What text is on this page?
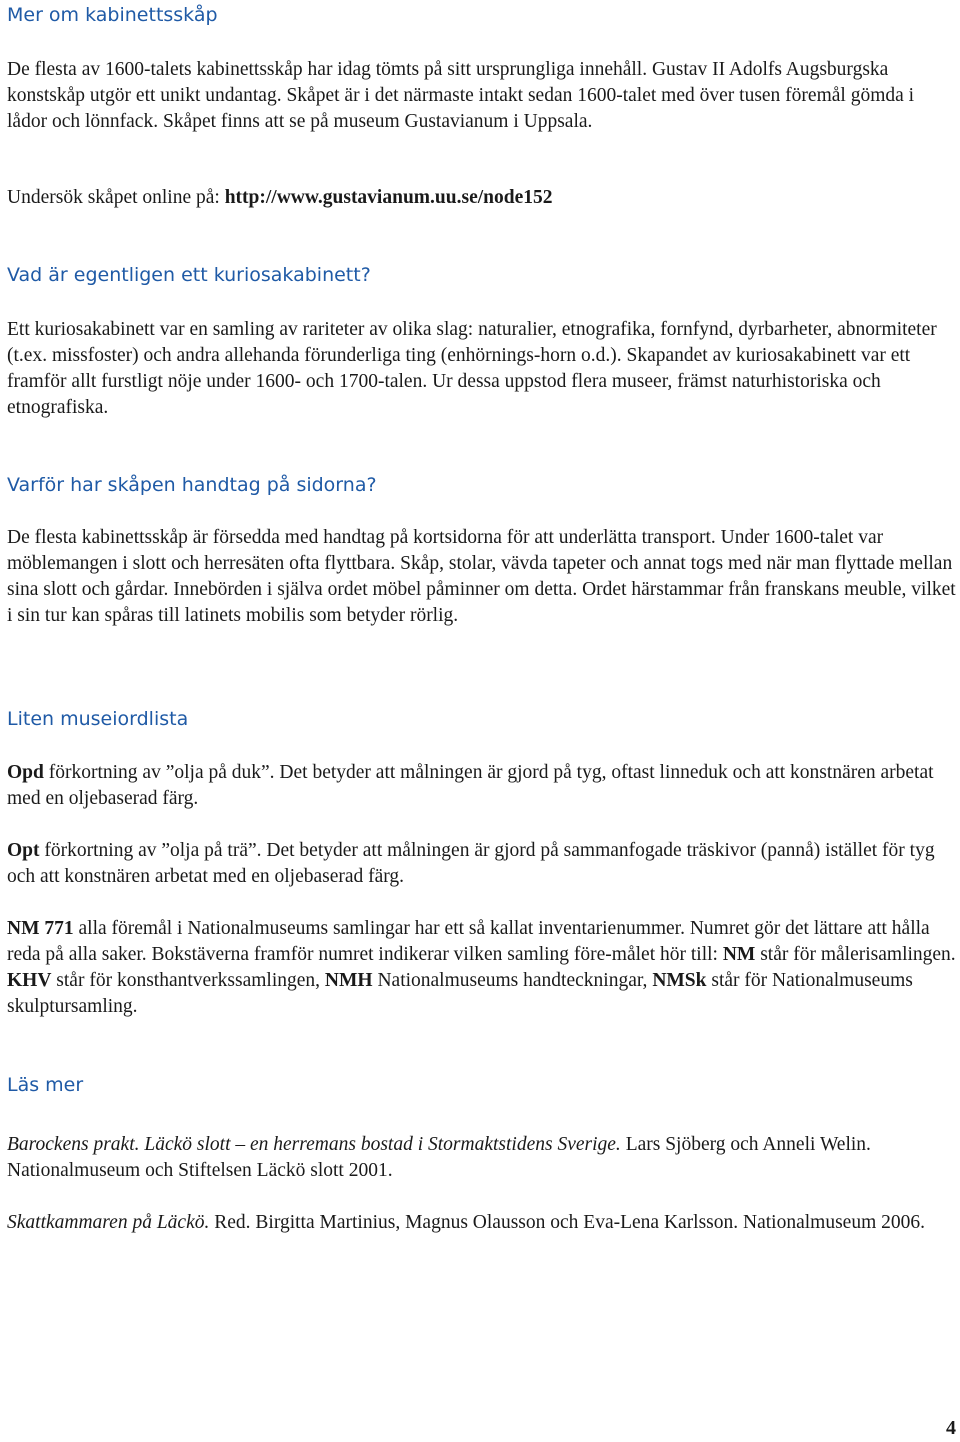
Mer om kabinettsskåp

De flesta av 1600-talets kabinettsskåp har idag tömts på sitt ursprungliga innehåll. Gustav II Adolfs Augsburgska konstskåp utgör ett unikt undantag. Skåpet är i det närmaste intakt sedan 1600-talet med över tusen föremål gömda i lådor och lönnfack. Skåpet finns att se på museum Gustavianum i Uppsala.

Undersök skåpet online på: http://www.gustavianum.uu.se/node152

Vad är egentligen ett kuriosakabinett?

Ett kuriosakabinett var en samling av rariteter av olika slag: naturalier, etnografika, fornfynd, dyrbarheter, abnormiteter (t.ex. missfoster) och andra allehanda förunderliga ting (enhörnings-horn o.d.). Skapandet av kuriosakabinett var ett framför allt furstligt nöje under 1600- och 1700-talen. Ur dessa uppstod flera museer, främst naturhistoriska och etnografiska.

Varför har skåpen handtag på sidorna?

De flesta kabinettsskåp är försedda med handtag på kortsidorna för att underlätta transport. Under 1600-talet var möblemangen i slott och herresäten ofta flyttbara. Skåp, stolar, vävda tapeter och annat togs med när man flyttade mellan sina slott och gårdar. Innebörden i själva ordet möbel påminner om detta. Ordet härstammar från franskans meuble, vilket i sin tur kan spåras till latinets mobilis som betyder rörlig.

Liten museiordlista

Opd förkortning av ”olja på duk”. Det betyder att målningen är gjord på tyg, oftast linneduk och att konstnären arbetat med en oljebaserad färg.

Opt förkortning av ”olja på trä”. Det betyder att målningen är gjord på sammanfogade träskivor (pannå) istället för tyg och att konstnären arbetat med en oljebaserad färg.

NM 771 alla föremål i Nationalmuseums samlingar har ett så kallat inventarienummer. Numret gör det lättare att hålla reda på alla saker. Bokstäverna framför numret indikerar vilken samling före-målet hör till: NM står för målerisamlingen. KHV står för konsthantverkssamlingen, NMH Nationalmuseums handteckningar, NMSk står för Nationalmuseums skulptursamling.

Läs mer

Barockens prakt. Läckö slott – en herremans bostad i Stormaktstidens Sverige. Lars Sjöberg och Anneli Welin. Nationalmuseum och Stiftelsen Läckö slott 2001.

Skattkammaren på Läckö. Red. Birgitta Martinius, Magnus Olausson och Eva-Lena Karlsson. Nationalmuseum 2006.

4
